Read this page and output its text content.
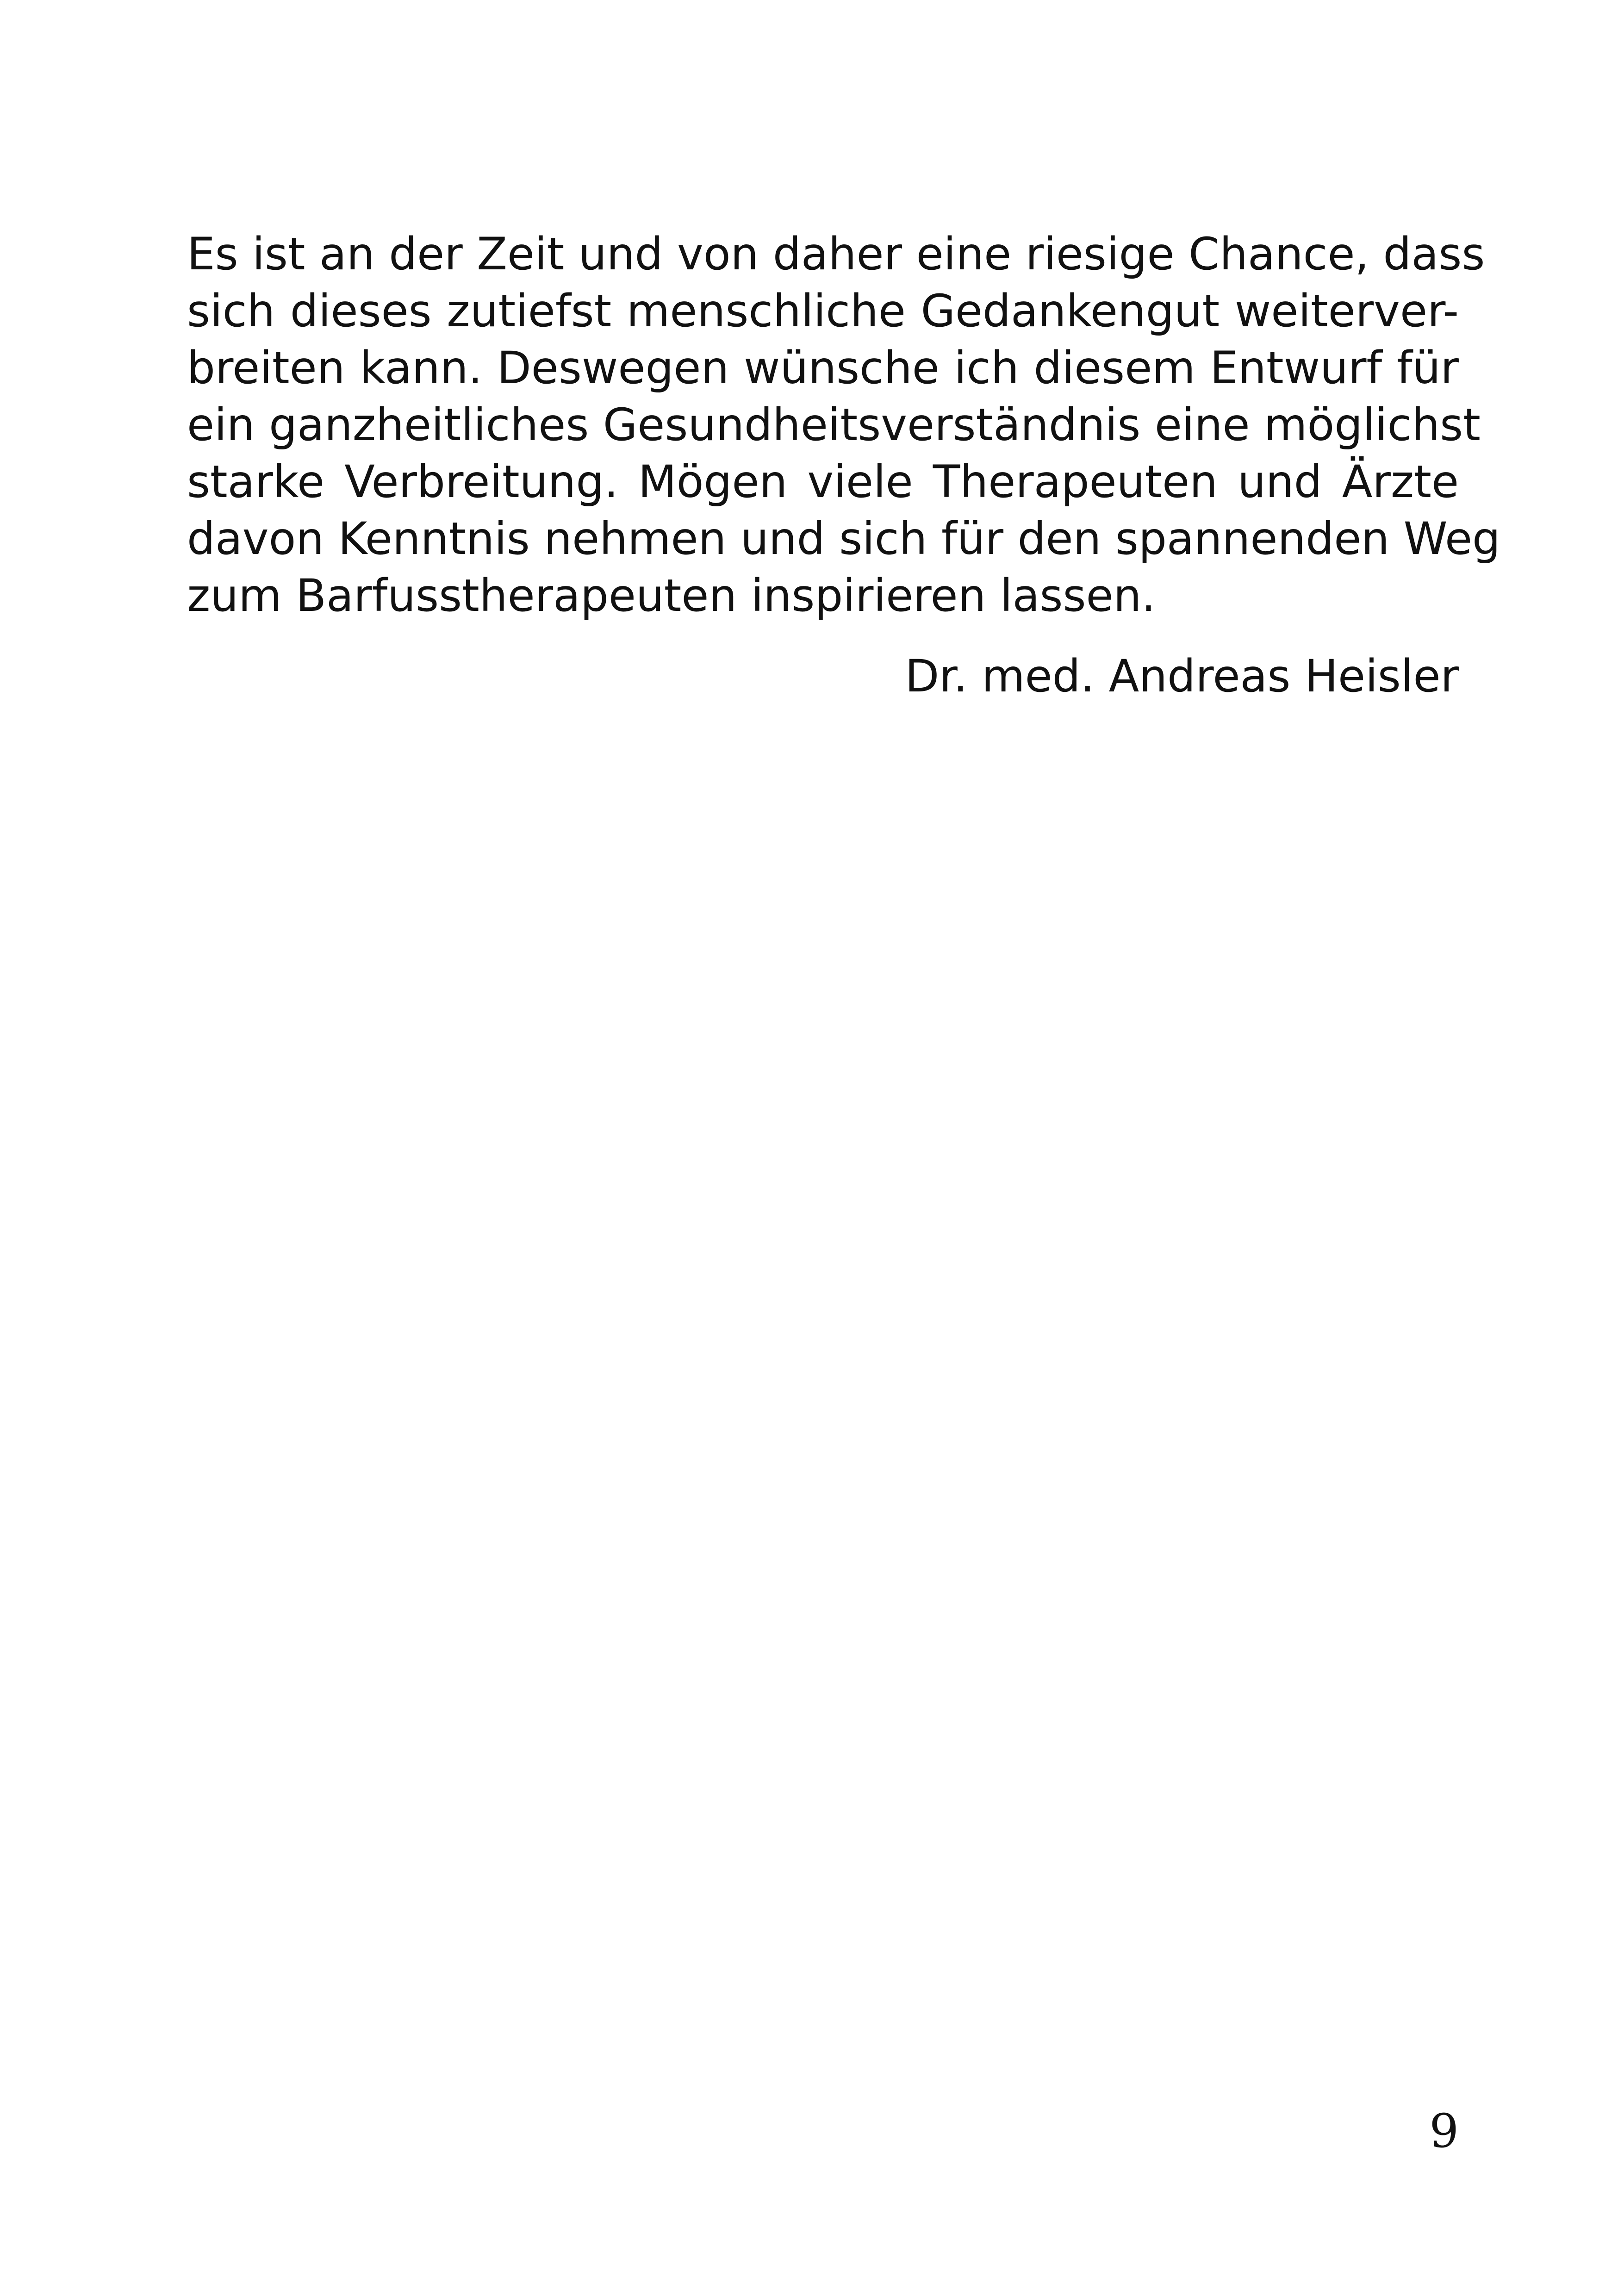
Es ist an der Zeit und von daher eine riesige Chance, dass
sich dieses zutiefst menschliche Gedankengut weiterver-
breiten kann. Deswegen wünsche ich diesem Entwurf für
ein ganzheitliches Gesundheitsverständnis eine möglichst
starke Verbreitung. Mögen viele Therapeuten und Ärzte
davon Kenntnis nehmen und sich für den spannenden Weg
zum Barfusstherapeuten inspirieren lassen.
Dr. med. Andreas Heisler
9
